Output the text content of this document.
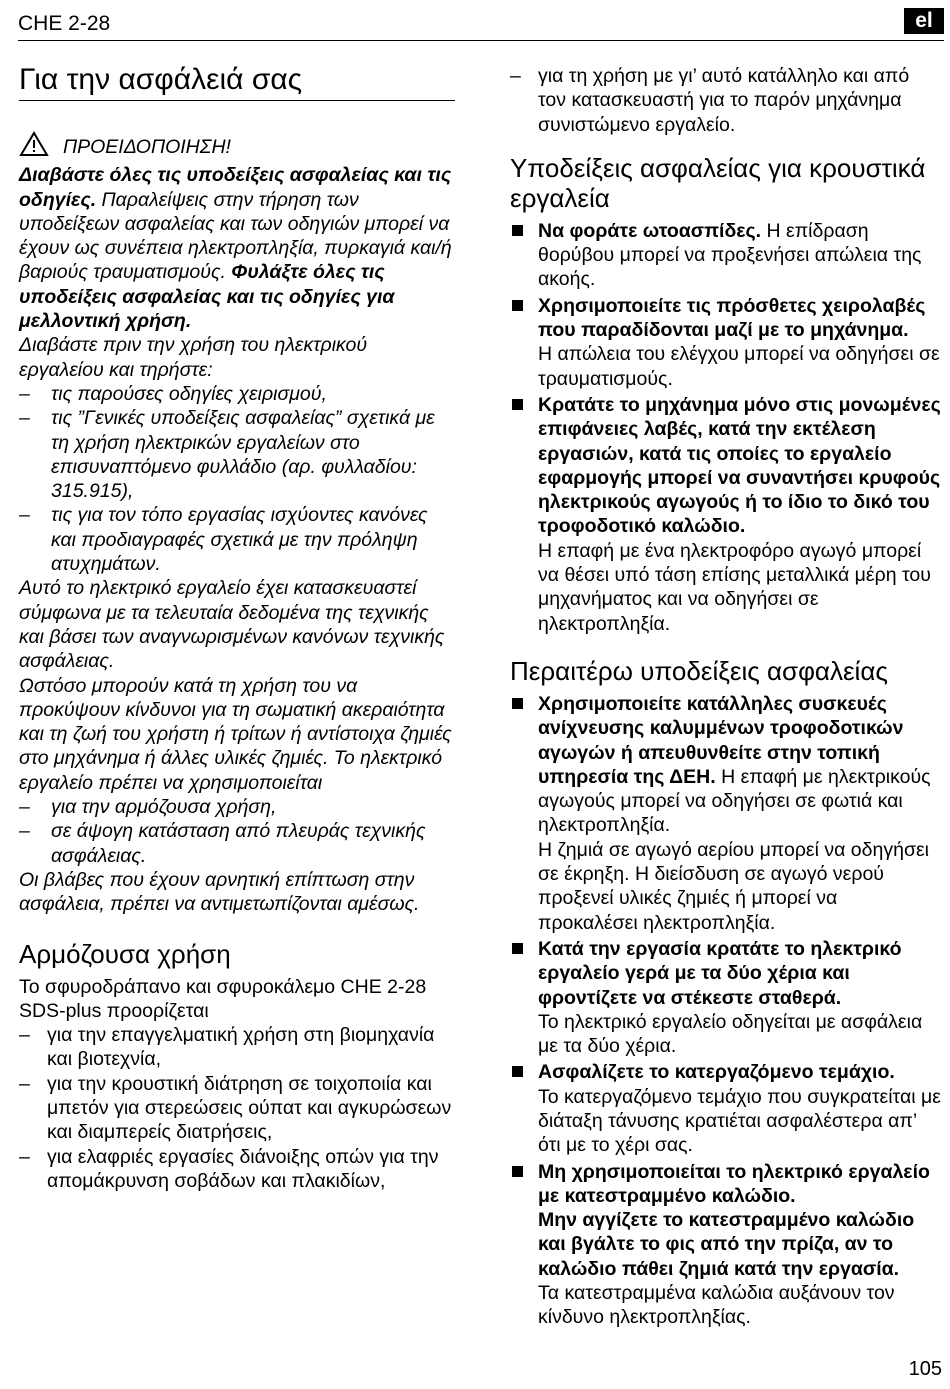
CHE 2-28	el
Για την ασφάλειά σας
ΠΡΟΕΙΔΟΠΟΙΗΣΗ!
Διαβάστε όλες τις υποδείξεις ασφαλείας και τις οδηγίες. Παραλείψεις στην τήρηση των υποδείξεων ασφαλείας και των οδηγιών μπορεί να έχουν ως συνέπεια ηλεκτροπληξία, πυρκαγιά και/ή βαριούς τραυματισμούς. Φυλάξτε όλες τις υποδείξεις ασφαλείας και τις οδηγίες για μελλοντική χρήση.
Διαβάστε πριν την χρήση του ηλεκτρικού εργαλείου και τηρήστε:
– τις παρούσες οδηγίες χειρισμού,
– τις ”Γενικές υποδείξεις ασφαλείας” σχετικά με τη χρήση ηλεκτρικών εργαλείων στο επισυναπτόμενο φυλλάδιο (αρ. φυλλαδίου: 315.915),
– τις για τον τόπο εργασίας ισχύοντες κανόνες και προδιαγραφές σχετικά με την πρόληψη ατυχημάτων.
Αυτό το ηλεκτρικό εργαλείο έχει κατασκευαστεί σύμφωνα με τα τελευταία δεδομένα της τεχνικής και βάσει των αναγνωρισμένων κανόνων τεχνικής ασφάλειας.
Ωστόσο μπορούν κατά τη χρήση του να προκύψουν κίνδυνοι για τη σωματική ακεραιότητα και τη ζωή του χρήστη ή τρίτων ή αντίστοιχα ζημιές στο μηχάνημα ή άλλες υλικές ζημιές. Το ηλεκτρικό εργαλείο πρέπει να χρησιμοποιείται
– για την αρμόζουσα χρήση,
– σε άψογη κατάσταση από πλευράς τεχνικής ασφάλειας.
Οι βλάβες που έχουν αρνητική επίπτωση στην ασφάλεια, πρέπει να αντιμετωπίζονται αμέσως.
Αρμόζουσα χρήση
Το σφυροδράπανο και σφυροκάλεμο CHE 2-28 SDS-plus προορίζεται
– για την επαγγελματική χρήση στη βιομηχανία και βιοτεχνία,
– για την κρουστική διάτρηση σε τοιχοποιία και μπετόν για στερεώσεις ούπατ και αγκυρώσεων και διαμπερείς διατρήσεις,
– για ελαφριές εργασίες διάνοιξης οπών για την απομάκρυνση σοβάδων και πλακιδίων,
– για τη χρήση με γι’ αυτό κατάλληλο και από τον κατασκευαστή για το παρόν μηχάνημα συνιστώμενο εργαλείο.
Υποδείξεις ασφαλείας για κρουστικά εργαλεία
Να φοράτε ωτοασπίδες. Η επίδραση θορύβου μπορεί να προξενήσει απώλεια της ακοής.
Χρησιμοποιείτε τις πρόσθετες χειρολαβές που παραδίδονται μαζί με το μηχάνημα.
Η απώλεια του ελέγχου μπορεί να οδηγήσει σε τραυματισμούς.
Κρατάτε το μηχάνημα μόνο στις μονωμένες επιφάνειες λαβές, κατά την εκτέλεση εργασιών, κατά τις οποίες το εργαλείο εφαρμογής μπορεί να συναντήσει κρυφούς ηλεκτρικούς αγωγούς ή το ίδιο το δικό του τροφοδοτικό καλώδιο.
Η επαφή με ένα ηλεκτροφόρο αγωγό μπορεί να θέσει υπό τάση επίσης μεταλλικά μέρη του μηχανήματος και να οδηγήσει σε ηλεκτροπληξία.
Περαιτέρω υποδείξεις ασφαλείας
Χρησιμοποιείτε κατάλληλες συσκευές ανίχνευσης καλυμμένων τροφοδοτικών αγωγών ή απευθυνθείτε στην τοπική υπηρεσία της ΔΕΗ. Η επαφή με ηλεκτρικούς αγωγούς μπορεί να οδηγήσει σε φωτιά και ηλεκτροπληξία.
Η ζημιά σε αγωγό αερίου μπορεί να οδηγήσει σε έκρηξη. Η διείσδυση σε αγωγό νερού προξενεί υλικές ζημιές ή μπορεί να προκαλέσει ηλεκτροπληξία.
Κατά την εργασία κρατάτε το ηλεκτρικό εργαλείο γερά με τα δύο χέρια και φροντίζετε να στέκεστε σταθερά.
Το ηλεκτρικό εργαλείο οδηγείται με ασφάλεια με τα δύο χέρια.
Ασφαλίζετε το κατεργαζόμενο τεμάχιο.
Το κατεργαζόμενο τεμάχιο που συγκρατείται με διάταξη τάνυσης κρατιέται ασφαλέστερα απ’ ότι με το χέρι σας.
Μη χρησιμοποιείται το ηλεκτρικό εργαλείο με κατεστραμμένο καλώδιο.
Μην αγγίζετε το κατεστραμμένο καλώδιο και βγάλτε το φις από την πρίζα, αν το καλώδιο πάθει ζημιά κατά την εργασία.
Τα κατεστραμμένα καλώδια αυξάνουν τον κίνδυνο ηλεκτροπληξίας.
105
